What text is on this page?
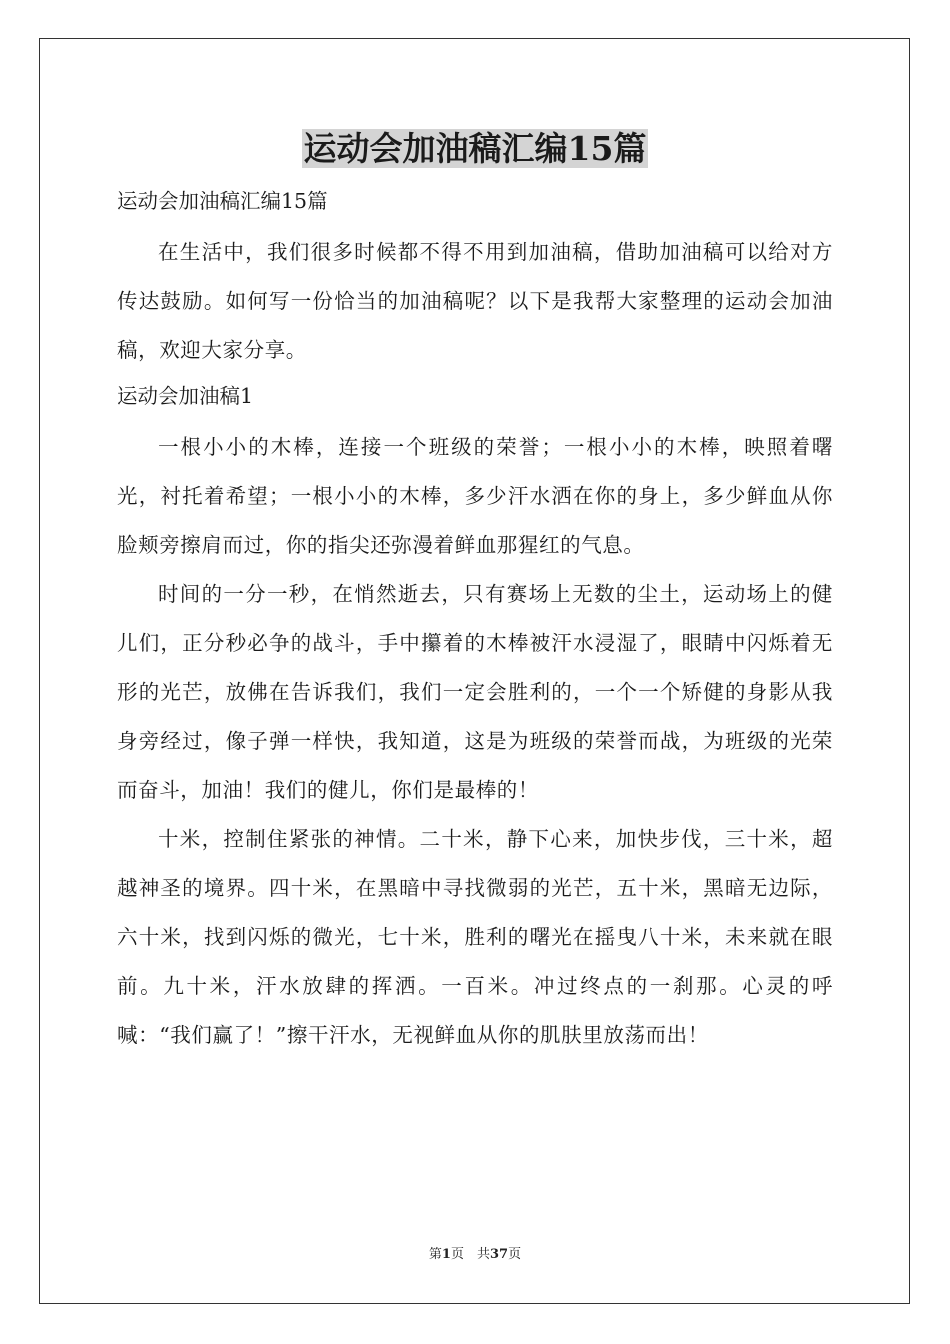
运动会加油稿汇编15篇

运动会加油稿汇编15篇

在生活中，我们很多时候都不得不用到加油稿，借助加油稿可以给对方传达鼓励。如何写一份恰当的加油稿呢？以下是我帮大家整理的运动会加油稿，欢迎大家分享。

运动会加油稿1

一根小小的木棒，连接一个班级的荣誉；一根小小的木棒，映照着曙光，衬托着希望；一根小小的木棒，多少汗水洒在你的身上，多少鲜血从你脸颊旁擦肩而过，你的指尖还弥漫着鲜血那猩红的气息。

时间的一分一秒，在悄然逝去，只有赛场上无数的尘土，运动场上的健儿们，正分秒必争的战斗，手中攥着的木棒被汗水浸湿了，眼睛中闪烁着无形的光芒，放佛在告诉我们，我们一定会胜利的，一个一个矫健的身影从我身旁经过，像子弹一样快，我知道，这是为班级的荣誉而战，为班级的光荣而奋斗，加油！我们的健儿，你们是最棒的！

十米，控制住紧张的神情。二十米，静下心来，加快步伐，三十米，超越神圣的境界。四十米，在黑暗中寻找微弱的光芒，五十米，黑暗无边际，六十米，找到闪烁的微光，七十米，胜利的曙光在摇曳八十米，未来就在眼前。九十米，汗水放肆的挥洒。一百米。冲过终点的一刹那。心灵的呼喊：“我们赢了！”擦干汗水，无视鲜血从你的肌肤里放荡而出！

第1页　共37页
